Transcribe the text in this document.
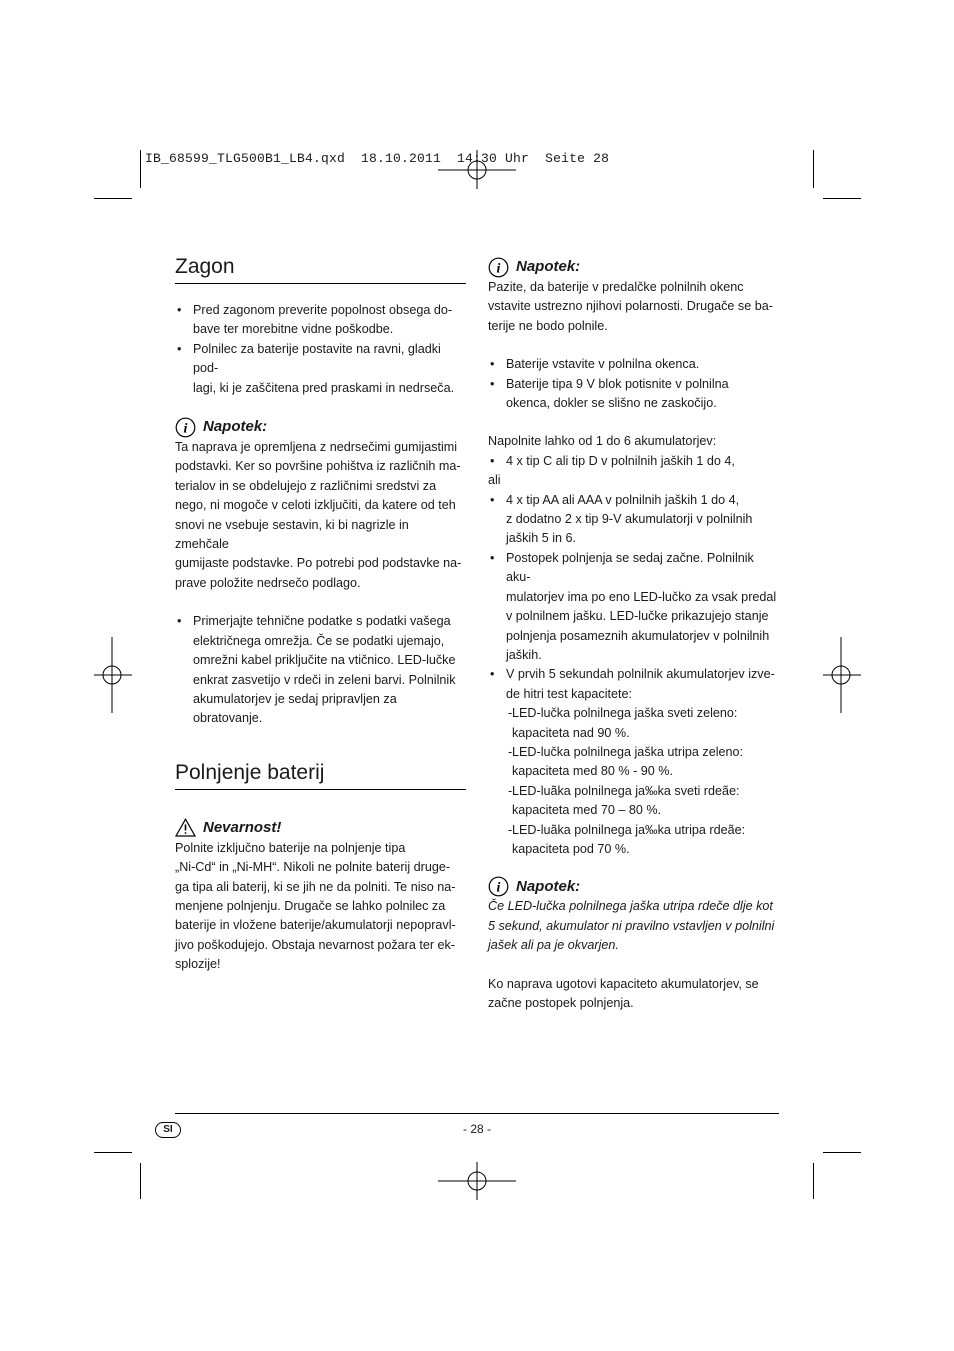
IB_68599_TLG500B1_LB4.qxd  18.10.2011  14:30 Uhr  Seite 28
Zagon
• Pred zagonom preverite popolnost obsega do-
bave ter morebitne vidne poškodbe.
• Polnilec za baterije postavite na ravni, gladki pod-
lagi, ki je zaščitena pred praskami in nedrseča.
i Napotek:

Ta naprava je opremljena z nedrsečimi gumijastimi
podstavki. Ker so površine pohištva iz različnih ma-
terialov in se obdelujejo z različnimi sredstvi za
nego, ni mogoče v celoti izključiti, da katere od teh
snovi ne vsebuje sestavin, ki bi nagrizle in zmehčale
gumijaste podstavke. Po potrebi pod podstavke na-
prave položite nedrsečo podlago.

• Primerjajte tehnične podatke s podatki vašega
električnega omrežja. Če se podatki ujemajo,
omrežni kabel priključite na vtičnico. LED-lučke
enkrat zasvetijo v rdeči in zeleni barvi. Polnilnik
akumulatorjev je sedaj pripravljen za obratovanje.
Polnjenje baterij
Nevarnost!

Polnite izključno baterije na polnjenje tipa
„Ni-Cd“ in „Ni-MH“. Nikoli ne polnite baterij druge-
ga tipa ali baterij, ki se jih ne da polniti. Te niso na-
menjene polnjenju. Drugače se lahko polnilec za
baterije in vložene baterije/akumulatorji nepopravl-
jivo poškodujejo. Obstaja nevarnost požara ter ek-
splozije!

i Napotek:

Pazite, da baterije v predalčke polnilnih okenc
vstavite ustrezno njihovi polarnosti. Drugače se ba-
terije ne bodo polnile.

• Baterije vstavite v polnilna okenca.
• Baterije tipa 9 V blok potisnite v polnilna
okenca, dokler se slišno ne zaskočijo.

Napolnite lahko od 1 do 6 akumulatorjev:

• 4 x tip C ali tip D v polnilnih jaških 1 do 4,

ali

• 4 x tip AA ali AAA v polnilnih jaških 1 do 4,
z dodatno 2 x tip 9-V akumulatorji v polnilnih
jaških 5 in 6.
• Postopek polnjenja se sedaj začne. Polnilnik aku-
mulatorjev ima po eno LED-lučko za vsak predal
v polnilnem jašku. LED-lučke prikazujejo stanje
polnjenja posameznih akumulatorjev v polnilnih
jaških.
• V prvih 5 sekundah polnilnik akumulatorjev izve-
de hitri test kapacitete:
- LED-lučka polnilnega jaška sveti zeleno:
kapaciteta nad 90 %.
- LED-lučka polnilnega jaška utripa zeleno:
kapaciteta med 80 % - 90 %.
- LED-luãka polnilnega ja‰ka sveti rdeãe:
kapaciteta med 70 – 80 %.
- LED-luãka polnilnega ja‰ka utripa rdeãe:
kapaciteta pod 70 %.
i Napotek:

Če LED-lučka polnilnega jaška utripa rdeče dlje kot
5 sekund, akumulator ni pravilno vstavljen v polnilni
jašek ali pa je okvarjen.

Ko naprava ugotovi kapaciteto akumulatorjev, se
začne postopek polnjenja.

SI	- 28 -
